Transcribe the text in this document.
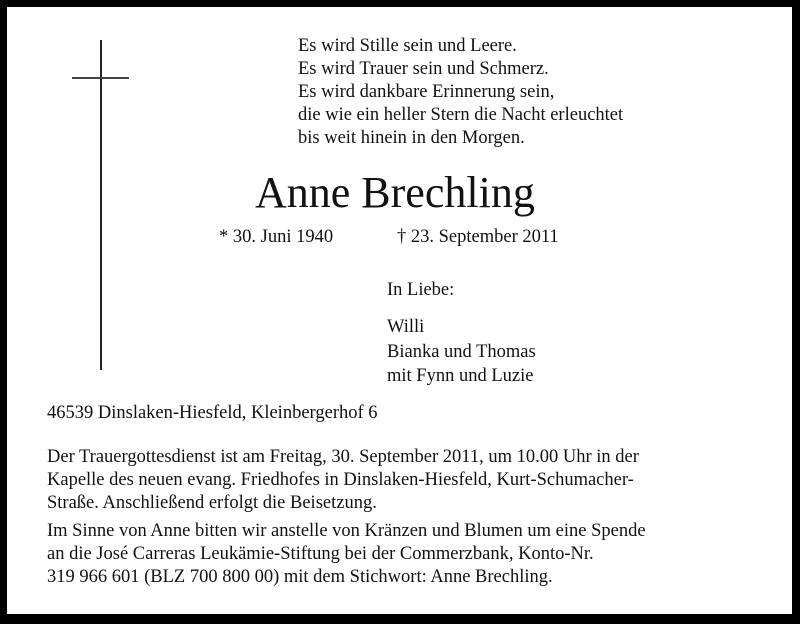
Es wird Stille sein und Leere.
Es wird Trauer sein und Schmerz.
Es wird dankbare Erinnerung sein,
die wie ein heller Stern die Nacht erleuchtet
bis weit hinein in den Morgen.
Anne Brechling
* 30. Juni 1940	† 23. September 2011
In Liebe:
Willi
Bianka und Thomas
mit Fynn und Luzie
46539 Dinslaken-Hiesfeld, Kleinbergerhof 6
Der Trauergottesdienst ist am Freitag, 30. September 2011, um 10.00 Uhr in der
Kapelle des neuen evang. Friedhofes in Dinslaken-Hiesfeld, Kurt-Schumacher-
Straße. Anschließend erfolgt die Beisetzung.
Im Sinne von Anne bitten wir anstelle von Kränzen und Blumen um eine Spende
an die José Carreras Leukämie-Stiftung bei der Commerzbank, Konto-Nr.
319 966 601 (BLZ 700 800 00) mit dem Stichwort: Anne Brechling.
